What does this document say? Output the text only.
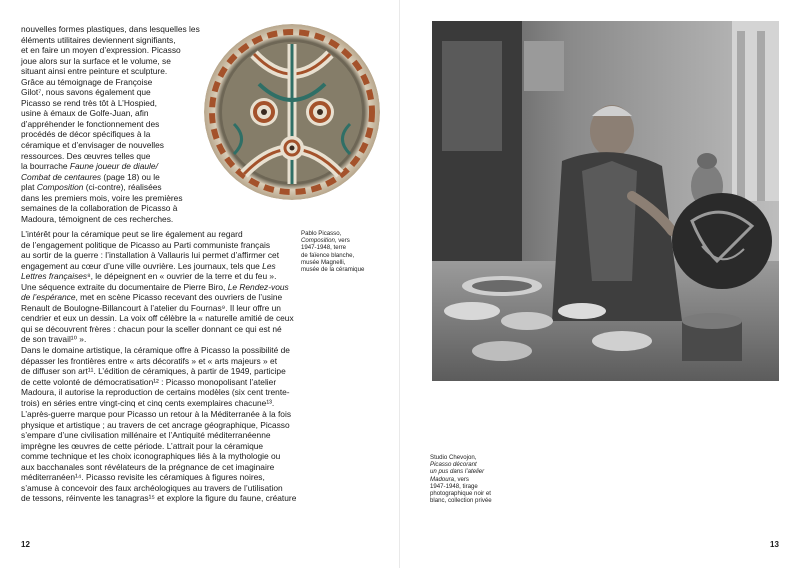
nouvelles formes plastiques, dans lesquelles les

éléments utilitaires deviennent signifiants,

et en faire un moyen d’expression. Picasso

joue alors sur la surface et le volume, se

situant ainsi entre peinture et sculpture.

Grâce au témoignage de Françoise

Gilot⁷, nous savons également que

Picasso se rend très tôt à L’Hospied,

usine à émaux de Golfe-Juan, afin

d’appréhender le fonctionnement des

procédés de décor spécifiques à la

céramique et d’envisager de nouvelles

ressources. Des œuvres telles que

la bourrache Faune joueur de diaule/

Combat de centaures (page 18) ou le

plat Composition (ci-contre), réalisées

dans les premiers mois, voire les premières

semaines de la collaboration de Picasso à

Madoura, témoignent de ces recherches.

L’intérêt pour la céramique peut se lire également au regard

de l’engagement politique de Picasso au Parti communiste français

au sortir de la guerre : l’installation à Vallauris lui permet d’affirmer cet

engagement au cœur d’une ville ouvrière. Les journaux, tels que Les

Lettres françaises⁸, le dépeignent en « ouvrier de la terre et du feu ».

Une séquence extraite du documentaire de Pierre Biro, Le Rendez-vous

de l’espérance, met en scène Picasso recevant des ouvriers de l’usine

Renault de Boulogne-Billancourt à l’atelier du Fournas⁹. Il leur offre un

cendrier et eux un dessin. La voix off célèbre la « naturelle amitié de ceux

qui se découvrent frères : chacun pour la sceller donnant ce qui est né

de son travail¹⁰ ».

Dans le domaine artistique, la céramique offre à Picasso la possibilité de

dépasser les frontières entre « arts décoratifs » et « arts majeurs » et

de diffuser son art¹¹. L’édition de céramiques, à partir de 1949, participe

de cette volonté de démocratisation¹² : Picasso monopolisant l’atelier

Madoura, il autorise la reproduction de certains modèles (six cent trente-

trois) en séries entre vingt-cinq et cinq cents exemplaires chacune¹³.

Pablo Picasso,

Composition, vers

1947-1948, terre

de faïence blanche,

musée Magnelli,

musée de la céramique

L’après-guerre marque pour Picasso un retour à la Méditerranée à la fois

physique et artistique ; au travers de cet ancrage géographique, Picasso

s’empare d’une civilisation millénaire et l’Antiquité méditerranéenne

imprègne les œuvres de cette période. L’attrait pour la céramique

comme technique et les choix iconographiques liés à la mythologie ou

aux bacchanales sont révélateurs de la prégnance de cet imaginaire

méditerranéen¹⁴. Picasso revisite les céramiques à figures noires,

s’amuse à concevoir des faux archéologiques au travers de l’utilisation

de tessons, réinvente les tanagras¹⁵ et explore la figure du faune, créature

12

Studio Chevojon,

Picasso décorant

un pus dans l’atelier

Madoura, vers

1947-1948, tirage

photographique noir et

blanc, collection privée

13
